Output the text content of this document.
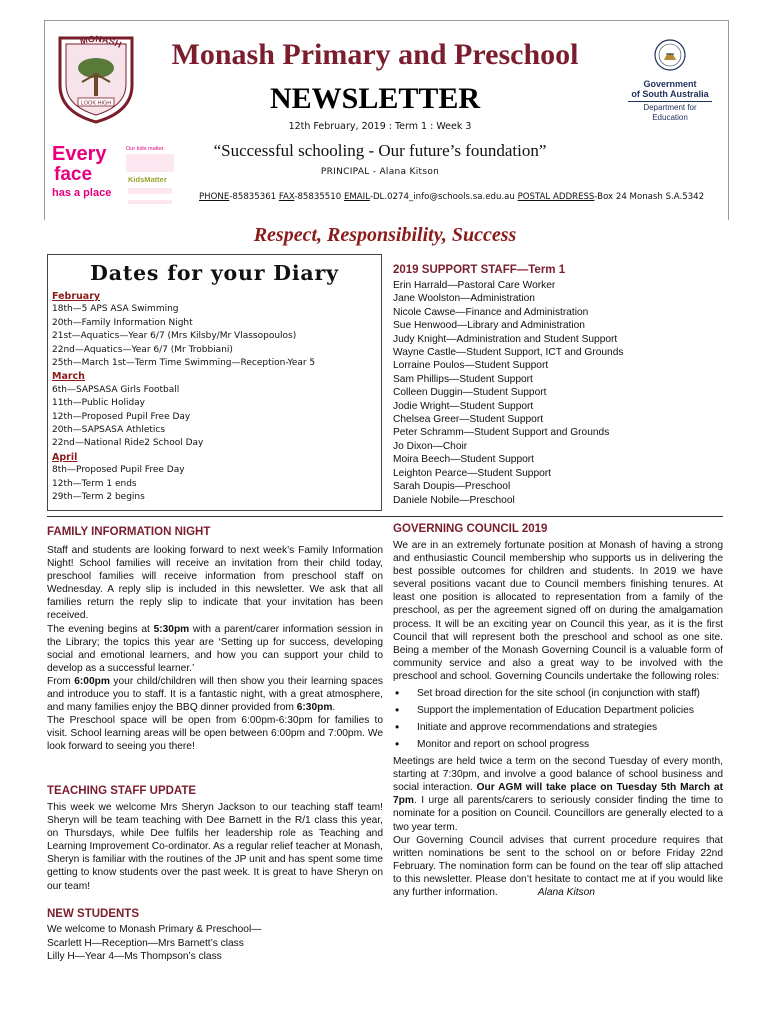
MONASH
LOOK HIGH
Monash Primary and Preschool
NEWSLETTER	Government
of South Australia
Department for Education
12th February, 2019 : Term 1 : Week 3
“Successful schooling - Our future’s foundation”
PRINCIPAL - Alana Kitson
PHONE-85835361 FAX-85835510 EMAIL-DL.0274_info@schools.sa.edu.au POSTAL ADDRESS-Box 24 Monash S.A.5342
Every
face
has a place
Our kids matter.
KidsMatter
Respect, Responsibility, Success
Dates for your Diary
February
18th—5 APS ASA Swimming
20th—Family Information Night
21st—Aquatics—Year 6/7 (Mrs Kilsby/Mr Vlassopoulos)
22nd—Aquatics—Year 6/7 (Mr Trobbiani)
25th—March 1st—Term Time Swimming—Reception-Year 5
March
6th—SAPSASA Girls Football
11th—Public Holiday
12th—Proposed Pupil Free Day
20th—SAPSASA Athletics
22nd—National Ride2 School Day
April
8th—Proposed Pupil Free Day
12th—Term 1 ends
29th—Term 2 begins
2019 SUPPORT STAFF—Term 1
Erin Harrald—Pastoral Care Worker
Jane Woolston—Administration
Nicole Cawse—Finance and Administration
Sue Henwood—Library and Administration
Judy Knight—Administration and Student Support
Wayne Castle—Student Support, ICT and Grounds
Lorraine Poulos—Student Support
Sam Phillips—Student Support
Colleen Duggin—Student Support
Jodie Wright—Student Support
Chelsea Greer—Student Support
Peter Schramm—Student Support and Grounds
Jo Dixon—Choir
Moira Beech—Student Support
Leighton Pearce—Student Support
Sarah Doupis—Preschool
Daniele Nobile—Preschool
FAMILY INFORMATION NIGHT

Staff and students are looking forward to next week’s Family Information Night! School families will receive an invitation from their child today, preschool families will receive information from preschool staff on Wednesday. A reply slip is included in this newsletter. We ask that all families return the reply slip to indicate that your invitation has been received.

The evening begins at 5:30pm with a parent/carer information session in the Library; the topics this year are ‘Setting up for success, developing social and emotional learners, and how you can support your child to develop as a successful learner.’

From 6:00pm your child/children will then show you their learning spaces and introduce you to staff. It is a fantastic night, with a great atmosphere, and many families enjoy the BBQ dinner provided from 6:30pm.

The Preschool space will be open from 6:00pm-6:30pm for families to visit. School learning areas will be open between 6:00pm and 7:00pm. We look forward to seeing you there!

TEACHING STAFF UPDATE

This week we welcome Mrs Sheryn Jackson to our teaching staff team! Sheryn will be team teaching with Dee Barnett in the R/1 class this year, on Thursdays, while Dee fulfils her leadership role as Teaching and Learning Improvement Co-ordinator. As a regular relief teacher at Monash, Sheryn is familiar with the routines of the JP unit and has spent some time getting to know students over the past week. It is great to have Sheryn on our team!

NEW STUDENTS
We welcome to Monash Primary & Preschool—
Scarlett H—Reception—Mrs Barnett’s class
Lilly H—Year 4—Ms Thompson’s class
GOVERNING COUNCIL 2019

We are in an extremely fortunate position at Monash of having a strong and enthusiastic Council membership who supports us in delivering the best possible outcomes for children and students. In 2019 we have several positions vacant due to Council members finishing tenures. At least one position is allocated to representation from a family of the preschool, as per the agreement signed off on during the amalgamation process. It will be an exciting year on Council this year, as it is the first Council that will represent both the preschool and school as one site. Being a member of the Monash Governing Council is a valuable form of community service and also a great way to be involved with the preschool and school. Governing Councils undertake the following roles:

• Set broad direction for the site school (in conjunction with staff)
• Support the implementation of Education Department policies
• Initiate and approve recommendations and strategies
• Monitor and report on school progress

Meetings are held twice a term on the second Tuesday of every month, starting at 7:30pm, and involve a good balance of school business and social interaction. Our AGM will take place on Tuesday 5th March at 7pm. I urge all parents/carers to seriously consider finding the time to nominate for a position on Council. Councillors are generally elected to a two year term.

Our Governing Council advises that current procedure requires that written nominations be sent to the school on or before Friday 22nd February. The nomination form can be found on the tear off slip attached to this newsletter. Please don’t hesitate to contact me at if you would like any further information.	Alana Kitson
